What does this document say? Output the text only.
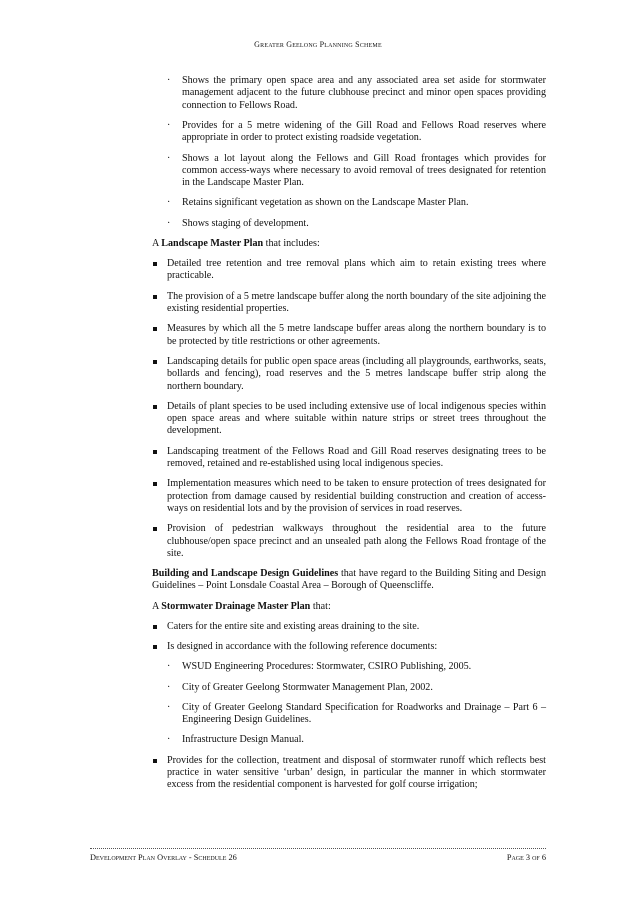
Greater Geelong Planning Scheme

·
Shows the primary open space area and any associated area set aside for stormwater management adjacent to the future clubhouse precinct and minor open spaces providing connection to Fellows Road.

·
Provides for a 5 metre widening of the Gill Road and Fellows Road reserves where appropriate in order to protect existing roadside vegetation.

·
Shows a lot layout along the Fellows and Gill Road frontages which provides for common access-ways where necessary to avoid removal of trees designated for retention in the Landscape Master Plan.

·
Retains significant vegetation as shown on the Landscape Master Plan.

·
Shows staging of development.

A Landscape Master Plan that includes:

Detailed tree retention and tree removal plans which aim to retain existing trees where practicable.

The provision of a 5 metre landscape buffer along the north boundary of the site adjoining the existing residential properties.

Measures by which all the 5 metre landscape buffer areas along the northern boundary is to be protected by title restrictions or other agreements.

Landscaping details for public open space areas (including all playgrounds, earthworks, seats, bollards and fencing), road reserves and the 5 metres landscape buffer strip along the northern boundary.

Details of plant species to be used including extensive use of local indigenous species within open space areas and where suitable within nature strips or street trees throughout the development.

Landscaping treatment of the Fellows Road and Gill Road reserves designating trees to be removed, retained and re-established using local indigenous species.

Implementation measures which need to be taken to ensure protection of trees designated for protection from damage caused by residential building construction and creation of access-ways on residential lots and by the provision of services in road reserves.

Provision of pedestrian walkways throughout the residential area to the future clubhouse/open space precinct and an unsealed path along the Fellows Road frontage of the site.

Building and Landscape Design Guidelines that have regard to the Building Siting and Design Guidelines – Point Lonsdale Coastal Area – Borough of Queenscliffe.

A Stormwater Drainage Master Plan that:

Caters for the entire site and existing areas draining to the site.

Is designed in accordance with the following reference documents:

·
WSUD Engineering Procedures: Stormwater, CSIRO Publishing, 2005.

·
City of Greater Geelong Stormwater Management Plan, 2002.

·
City of Greater Geelong Standard Specification for Roadworks and Drainage – Part 6 – Engineering Design Guidelines.

·
Infrastructure Design Manual.

Provides for the collection, treatment and disposal of stormwater runoff which reflects best practice in water sensitive ‘urban’ design, in particular the manner in which stormwater excess from the residential component is harvested for golf course irrigation;

Development Plan Overlay - Schedule 26	Page 3 of 6
